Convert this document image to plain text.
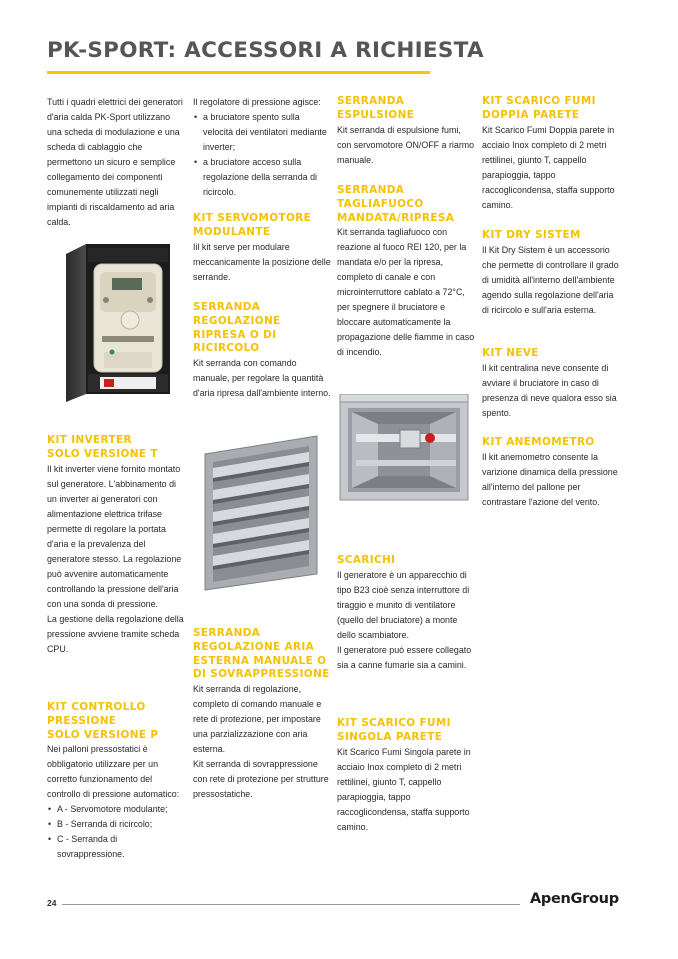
PK-SPORT: ACCESSORI A RICHIESTA

Tutti i quadri elettrici dei generatori d'aria calda PK-Sport utilizzano una scheda di modulazione e una scheda di cablaggio che permettono un sicuro e semplice collegamento dei componenti comunemente utilizzati negli impianti di riscaldamento ad aria calda.

KIT INVERTER
SOLO VERSIONE T

Il kit inverter viene fornito montato sul generatore. L'abbinamento di un inverter ai generatori con alimentazione elettrica trifase permette di regolare la portata d'aria e la prevalenza del generatore stesso. La regolazione può avvenire automaticamente controllando la pressione dell'aria con una sonda di pressione.

La gestione della regolazione della pressione avviene tramite scheda CPU.

KIT CONTROLLO
PRESSIONE
SOLO VERSIONE P

Nei palloni pressostatici è obbligatorio utilizzare per un corretto funzionamento del controllo di pressione automatico:

• A - Servomotore modulante;
• B - Serranda di ricircolo;
• C - Serranda di sovrappressione.

Il regolatore di pressione agisce:

• a bruciatore spento sulla velocità dei ventilatori mediante inverter;
• a bruciatore acceso sulla regolazione della serranda di ricircolo.
KIT SERVOMOTORE
MODULANTE

Iil kit serve per modulare meccanicamente la posizione delle serrande.

SERRANDA
REGOLAZIONE
RIPRESA O DI
RICIRCOLO

Kit serranda con comando manuale, per regolare la quantità d'aria ripresa dall'ambiente interno.

SERRANDA
REGOLAZIONE ARIA
ESTERNA MANUALE O
DI SOVRAPPRESSIONE

Kit serranda di regolazione, completo di comando manuale e rete di protezione, per impostare una parzializzazione con aria esterna.

Kit serranda di sovrappressione con rete di protezione per strutture pressostatiche.

SERRANDA
ESPULSIONE

Kit serranda di espulsione fumi, con servomotore ON/OFF a riarmo manuale.

SERRANDA
TAGLIAFUOCO
MANDATA/RIPRESA

Kit serranda tagliafuoco con reazione al fuoco REI 120, per la mandata e/o per la ripresa, completo di canale e con microinterruttore cablato a 72°C, per spegnere il bruciatore e bloccare automaticamente la propagazione delle fiamme in caso di incendio.

SCARICHI

Il generatore è un apparecchio di tipo B23 cioè senza interruttore di tiraggio e munito di ventilatore (quello del bruciatore) a monte dello scambiatore.

Il generatore può essere collegato sia a canne fumarie sia a camini.

KIT SCARICO FUMI
SINGOLA PARETE

Kit Scarico Fumi Singola parete in acciaio Inox completo di 2 metri rettilinei, giunto T, cappello parapioggia, tappo raccoglicondensa, staffa supporto camino.

KIT SCARICO FUMI
DOPPIA PARETE

Kit Scarico Fumi Doppia parete in acciaio Inox completo di 2 metri rettilinei, giunto T, cappello parapioggia, tappo raccoglicondensa, staffa supporto camino.

KIT DRY SISTEM

Il Kit Dry Sistem è un accessorio che permette di controllare il grado di umidità all'interno dell'ambiente agendo sulla regolazione dell'aria di ricircolo e sull'aria esterna.

KIT NEVE

Il kit centralina neve consente di avviare il bruciatore in caso di presenza di neve qualora esso sia spento.

KIT ANEMOMETRO

Il kit anemometro consente la varizione dinamica della pressione all'interno del pallone per contrastare l'azione del vento.

24	ApenGroup
